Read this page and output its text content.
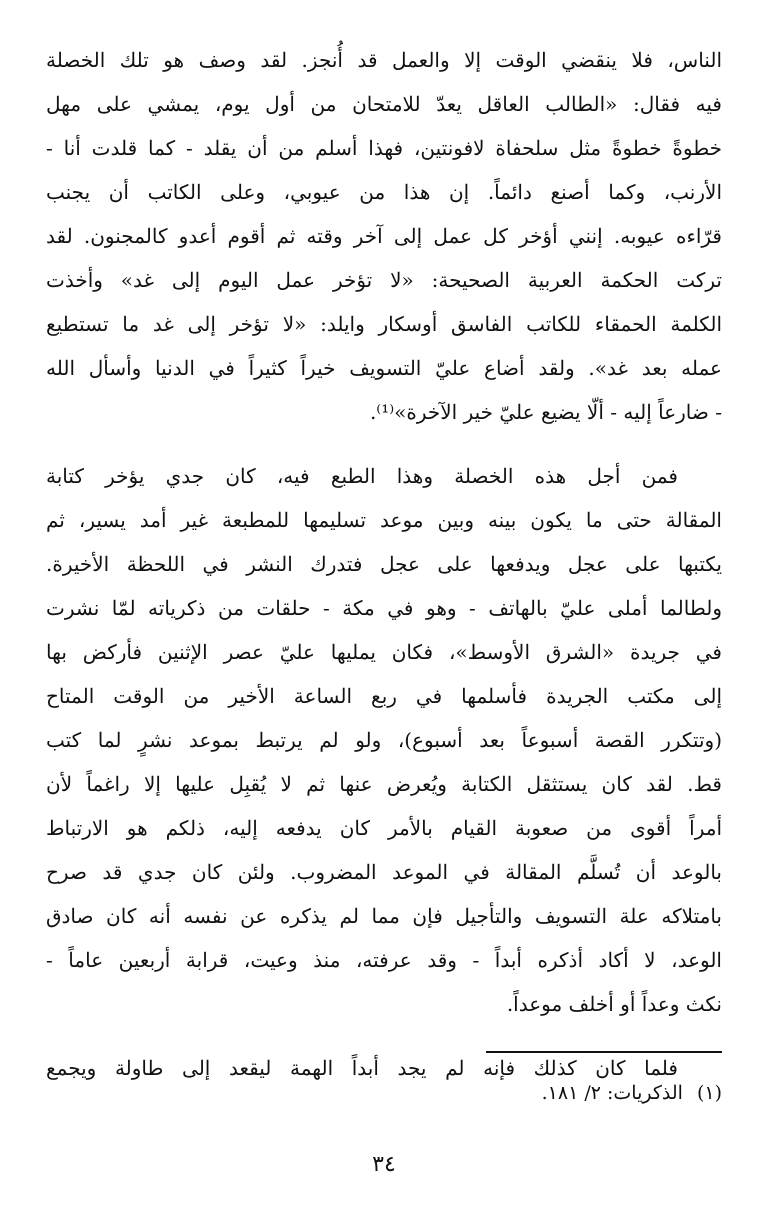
الناس، فلا ينقضي الوقت إلا والعمل قد أُنجز. لقد وصف هو تلك الخصلة
فيه فقال: «الطالب العاقل يعدّ للامتحان من أول يوم، يمشي على مهل
خطوةً خطوةً مثل سلحفاة لافونتين، فهذا أسلم من أن يقلد - كما قلدت أنا -
الأرنب، وكما أصنع دائماً. إن هذا من عيوبي، وعلى الكاتب أن يجنب
قرّاءه عيوبه. إنني أؤخر كل عمل إلى آخر وقته ثم أقوم أعدو كالمجنون. لقد
تركت الحكمة العربية الصحيحة: «لا تؤخر عمل اليوم إلى غد» وأخذت
الكلمة الحمقاء للكاتب الفاسق أوسكار وايلد: «لا تؤخر إلى غد ما تستطيع
عمله بعد غد». ولقد أضاع عليّ التسويف خيراً كثيراً في الدنيا وأسأل الله
- ضارعاً إليه - ألّا يضيع عليّ خير الآخرة»⁽¹⁾.
فمن أجل هذه الخصلة وهذا الطبع فيه، كان جدي يؤخر كتابة
المقالة حتى ما يكون بينه وبين موعد تسليمها للمطبعة غير أمد يسير، ثم
يكتبها على عجل ويدفعها على عجل فتدرك النشر في اللحظة الأخيرة.
ولطالما أملى عليّ بالهاتف - وهو في مكة - حلقات من ذكرياته لمّا نشرت
في جريدة «الشرق الأوسط»، فكان يمليها عليّ عصر الإثنين فأركض بها
إلى مكتب الجريدة فأسلمها في ربع الساعة الأخير من الوقت المتاح
(وتتكرر القصة أسبوعاً بعد أسبوع)، ولو لم يرتبط بموعد نشرٍ لما كتب
قط. لقد كان يستثقل الكتابة ويُعرض عنها ثم لا يُقبِل عليها إلا راغماً لأن
أمراً أقوى من صعوبة القيام بالأمر كان يدفعه إليه، ذلكم هو الارتباط
بالوعد أن تُسلَّم المقالة في الموعد المضروب. ولئن كان جدي قد صرح
بامتلاكه علة التسويف والتأجيل فإن مما لم يذكره عن نفسه أنه كان صادق
الوعد، لا أكاد أذكره أبداً - وقد عرفته، منذ وعيت، قرابة أربعين عاماً -
نكث وعداً أو أخلف موعداً.
فلما كان كذلك فإنه لم يجد أبداً الهمة ليقعد إلى طاولة ويجمع
(١)الذكريات: ٢/ ١٨١.
٣٤
